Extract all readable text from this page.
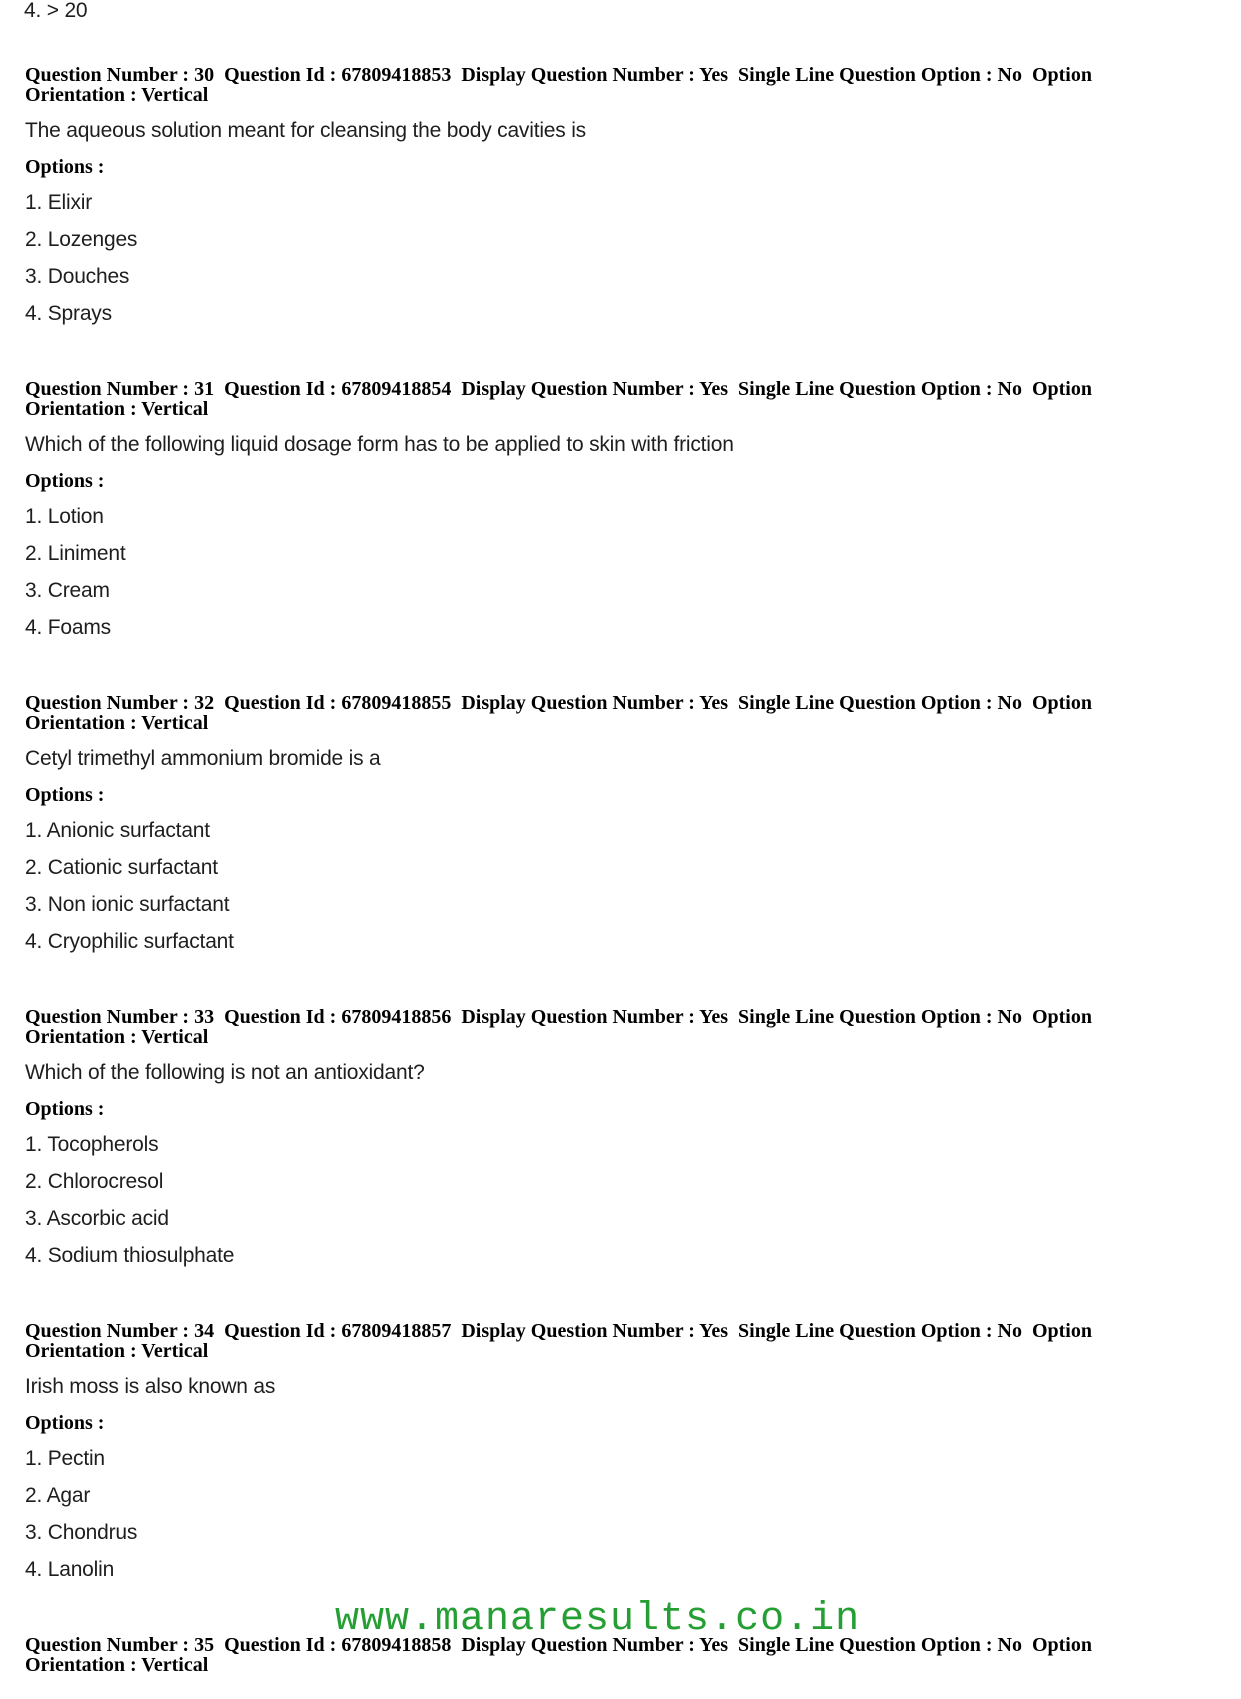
4. > 20
Question Number : 30  Question Id : 67809418853  Display Question Number : Yes  Single Line Question Option : No  Option
Orientation : Vertical
The aqueous solution meant for cleansing the body cavities is
Options :
1. Elixir
2. Lozenges
3. Douches
4. Sprays
Question Number : 31  Question Id : 67809418854  Display Question Number : Yes  Single Line Question Option : No  Option
Orientation : Vertical
Which of the following liquid dosage form has to be applied to skin with friction
Options :
1. Lotion
2. Liniment
3. Cream
4. Foams
Question Number : 32  Question Id : 67809418855  Display Question Number : Yes  Single Line Question Option : No  Option
Orientation : Vertical
Cetyl trimethyl ammonium bromide is a
Options :
1. Anionic surfactant
2. Cationic surfactant
3. Non ionic surfactant
4. Cryophilic surfactant
Question Number : 33  Question Id : 67809418856  Display Question Number : Yes  Single Line Question Option : No  Option
Orientation : Vertical
Which of the following is not an antioxidant?
Options :
1. Tocopherols
2. Chlorocresol
3. Ascorbic acid
4. Sodium thiosulphate
Question Number : 34  Question Id : 67809418857  Display Question Number : Yes  Single Line Question Option : No  Option
Orientation : Vertical
Irish moss is also known as
Options :
1. Pectin
2. Agar
3. Chondrus
4. Lanolin
Question Number : 35  Question Id : 67809418858  Display Question Number : Yes  Single Line Question Option : No  Option
Orientation : Vertical
www.manaresults.co.in
